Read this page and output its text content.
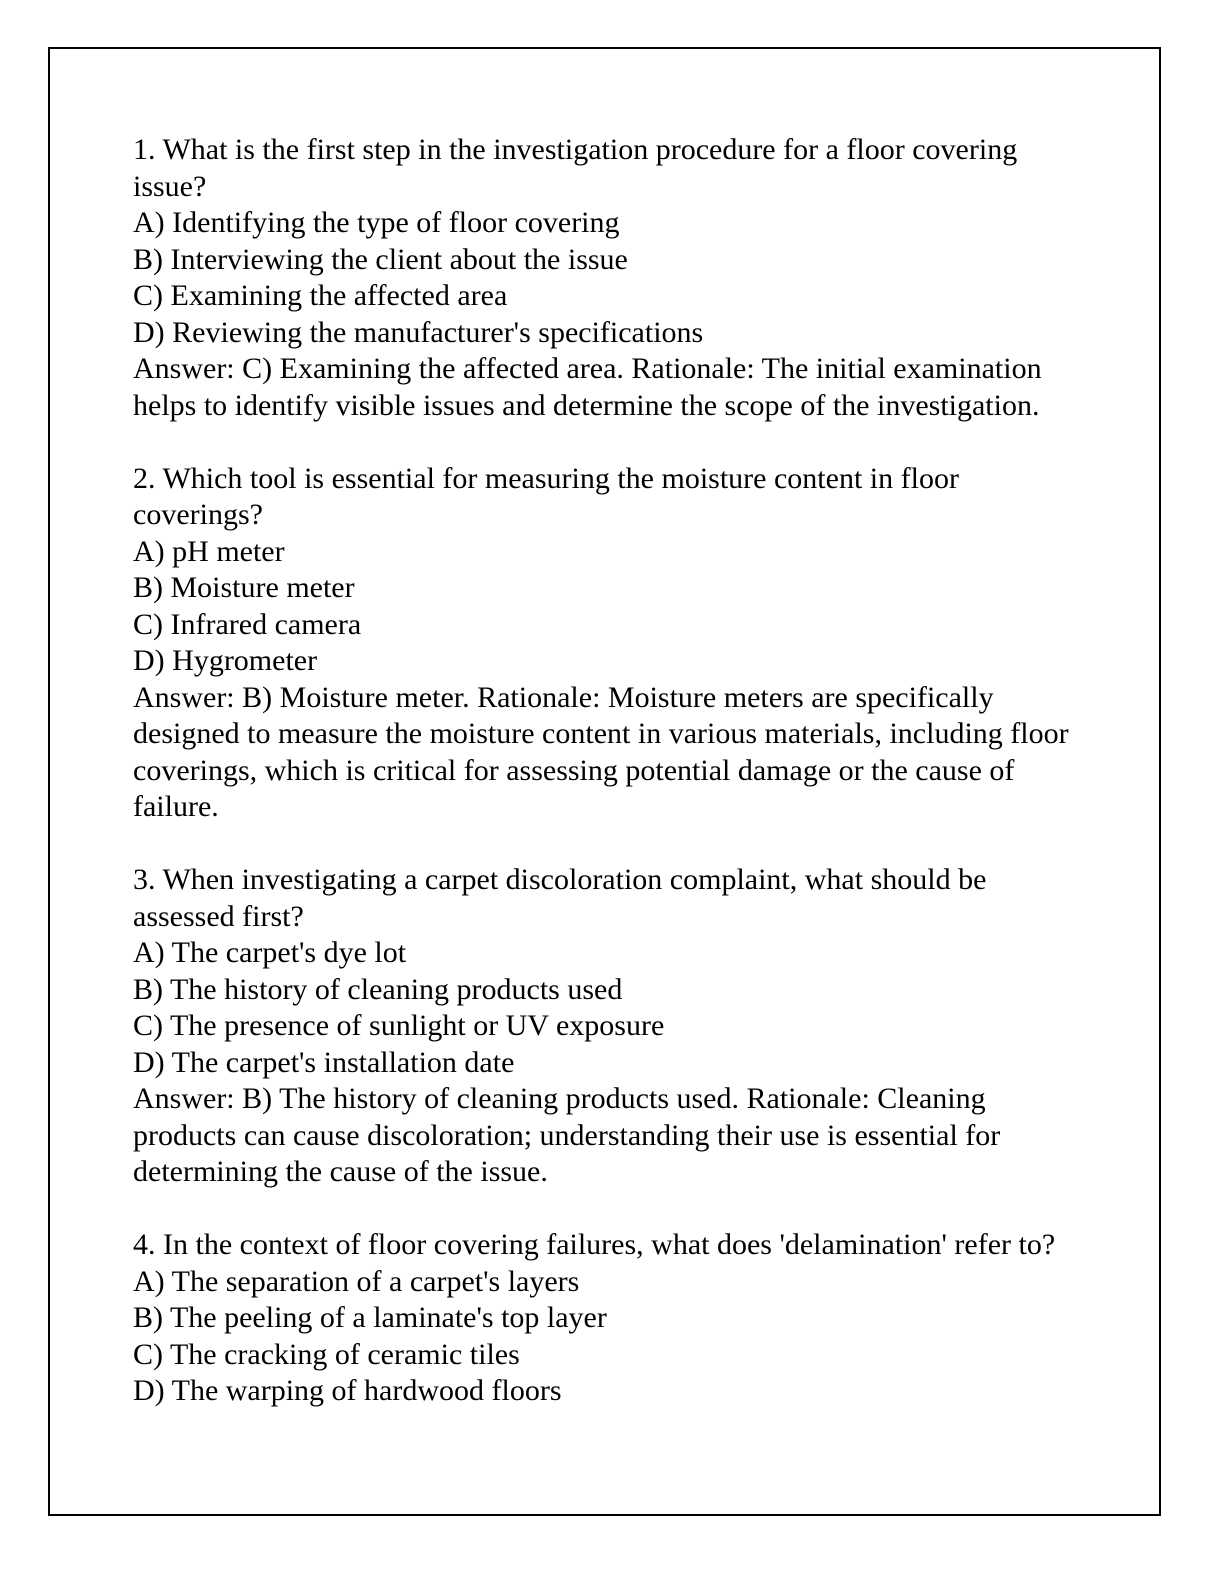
1. What is the first step in the investigation procedure for a floor covering issue?
A) Identifying the type of floor covering
B) Interviewing the client about the issue
C) Examining the affected area
D) Reviewing the manufacturer's specifications
Answer: C) Examining the affected area. Rationale: The initial examination helps to identify visible issues and determine the scope of the investigation.
2. Which tool is essential for measuring the moisture content in floor coverings?
A) pH meter
B) Moisture meter
C) Infrared camera
D) Hygrometer
Answer: B) Moisture meter. Rationale: Moisture meters are specifically designed to measure the moisture content in various materials, including floor coverings, which is critical for assessing potential damage or the cause of failure.
3. When investigating a carpet discoloration complaint, what should be assessed first?
A) The carpet's dye lot
B) The history of cleaning products used
C) The presence of sunlight or UV exposure
D) The carpet's installation date
Answer: B) The history of cleaning products used. Rationale: Cleaning products can cause discoloration; understanding their use is essential for determining the cause of the issue.
4. In the context of floor covering failures, what does 'delamination' refer to?
A) The separation of a carpet's layers
B) The peeling of a laminate's top layer
C) The cracking of ceramic tiles
D) The warping of hardwood floors
